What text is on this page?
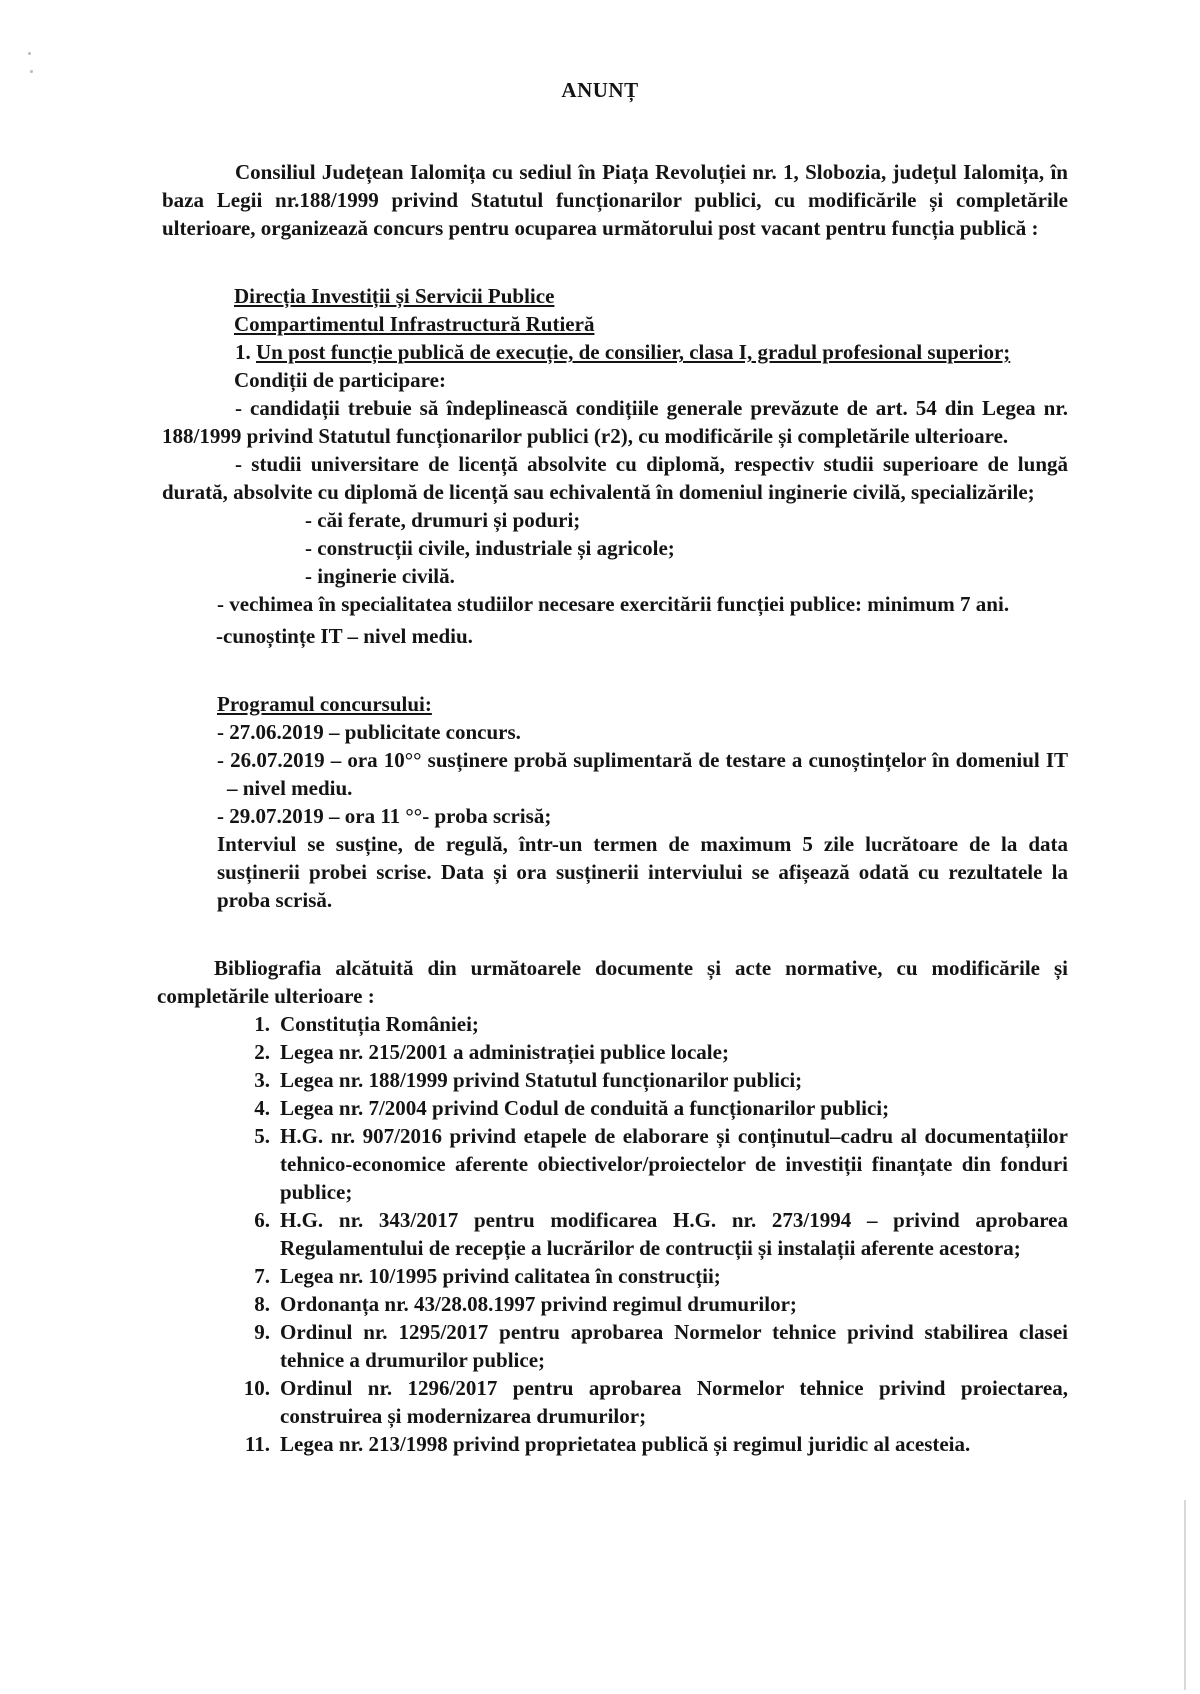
ANUNȚ

Consiliul Județean Ialomița cu sediul în Piața Revoluției nr. 1, Slobozia, județul Ialomița, în baza Legii nr.188/1999 privind Statutul funcționarilor publici, cu modificările și completările ulterioare, organizează concurs pentru ocuparea următorului post vacant pentru funcția publică :

Direcția Investiții și Servicii Publice

Compartimentul Infrastructură Rutieră

1. Un post funcție publică de execuție, de consilier, clasa I, gradul profesional superior;

Condiții de participare:

- candidații trebuie să îndeplinească condițiile generale prevăzute de art. 54 din Legea nr. 188/1999 privind Statutul funcționarilor publici (r2), cu modificările și completările ulterioare.

- studii universitare de licență absolvite cu diplomă, respectiv studii superioare de lungă durată, absolvite cu diplomă de licență sau echivalentă în domeniul inginerie civilă, specializările;

- căi ferate, drumuri și poduri;

- construcții civile, industriale și agricole;

- inginerie civilă.

- vechimea în specialitatea studiilor necesare exercitării funcției publice: minimum 7 ani.

-cunoștințe IT – nivel mediu.

Programul concursului:

- 27.06.2019 – publicitate concurs.

- 26.07.2019 – ora 10°° susținere probă suplimentară de testare a cunoștințelor în domeniul IT – nivel mediu.

- 29.07.2019 – ora 11 °°- proba scrisă;

Interviul se susține, de regulă, într-un termen de maximum 5 zile lucrătoare de la data susținerii probei scrise. Data și ora susținerii interviului se afișează odată cu rezultatele la proba scrisă.

Bibliografia alcătuită din următoarele documente și acte normative, cu modificările și completările ulterioare :

1. Constituția României;
2. Legea nr. 215/2001 a administrației publice locale;
3. Legea nr. 188/1999 privind Statutul funcționarilor publici;
4. Legea nr. 7/2004 privind Codul de conduită a funcționarilor publici;
5. H.G. nr. 907/2016 privind etapele de elaborare și conținutul–cadru al documentațiilor tehnico-economice aferente obiectivelor/proiectelor de investiții finanțate din fonduri publice;
6. H.G. nr. 343/2017 pentru modificarea H.G. nr. 273/1994 – privind aprobarea Regulamentului de recepție a lucrărilor de contrucții și instalații aferente acestora;
7. Legea nr. 10/1995 privind calitatea în construcții;
8. Ordonanța nr. 43/28.08.1997 privind regimul drumurilor;
9. Ordinul nr. 1295/2017 pentru aprobarea Normelor tehnice privind stabilirea clasei tehnice a drumurilor publice;
10. Ordinul nr. 1296/2017 pentru aprobarea Normelor tehnice privind proiectarea, construirea și modernizarea drumurilor;
11. Legea nr. 213/1998 privind proprietatea publică și regimul juridic al acesteia.
